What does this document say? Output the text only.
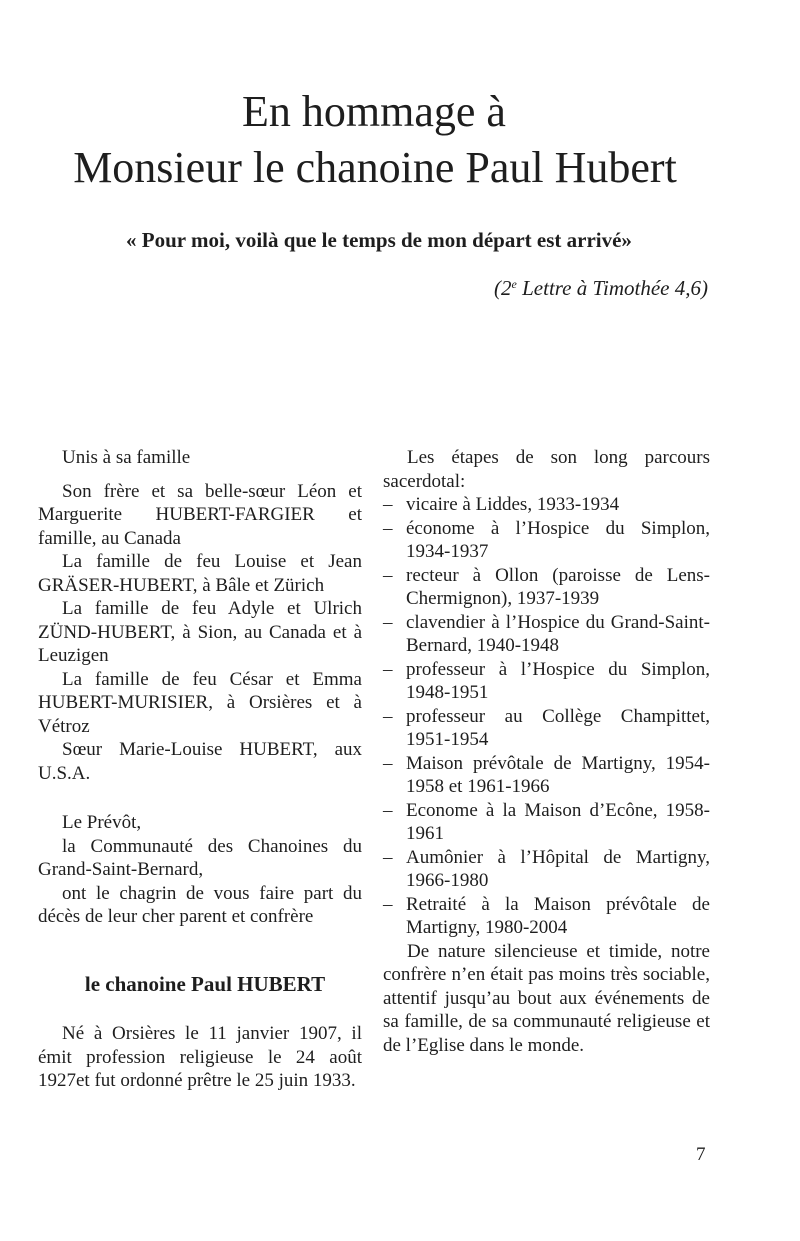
En hommage à
Monsieur le chanoine Paul Hubert

« Pour moi, voilà que le temps de mon départ est arrivé»

(2e Lettre à Timothée 4,6)

Unis à sa famille

Son frère et sa belle-sœur Léon et Marguerite HUBERT-FARGIER et famille, au Canada

La famille de feu Louise et Jean GRÄSER-HUBERT, à Bâle et Zürich

La famille de feu Adyle et Ulrich ZÜND-HUBERT, à Sion, au Canada et à Leuzigen

La famille de feu César et Emma HUBERT-MURISIER, à Orsières et à Vétroz

Sœur Marie-Louise HUBERT, aux U.S.A.

Le Prévôt,

la Communauté des Chanoines du Grand-Saint-Bernard,

ont le chagrin de vous faire part du décès de leur cher parent et confrère

le chanoine Paul HUBERT

Né à Orsières le 11 janvier 1907, il émit profession religieuse le 24 août 1927et fut ordonné prêtre le 25 juin 1933.

Les étapes de son long parcours sacerdotal:

– vicaire à Liddes, 1933-1934
– économe à l’Hospice du Simplon, 1934-1937
– recteur à Ollon (paroisse de Lens-Chermignon), 1937-1939
– clavendier à l’Hospice du Grand-Saint-Bernard, 1940-1948
– professeur à l’Hospice du Simplon, 1948-1951
– professeur au Collège Champittet, 1951-1954
– Maison prévôtale de Martigny, 1954-1958 et 1961-1966
– Econome à la Maison d’Ecône, 1958-1961
– Aumônier à l’Hôpital de Martigny, 1966-1980
– Retraité à la Maison prévôtale de Martigny, 1980-2004

De nature silencieuse et timide, notre confrère n’en était pas moins très sociable, attentif jusqu’au bout aux événements de sa famille, de sa communauté religieuse et de l’Eglise dans le monde.

7
